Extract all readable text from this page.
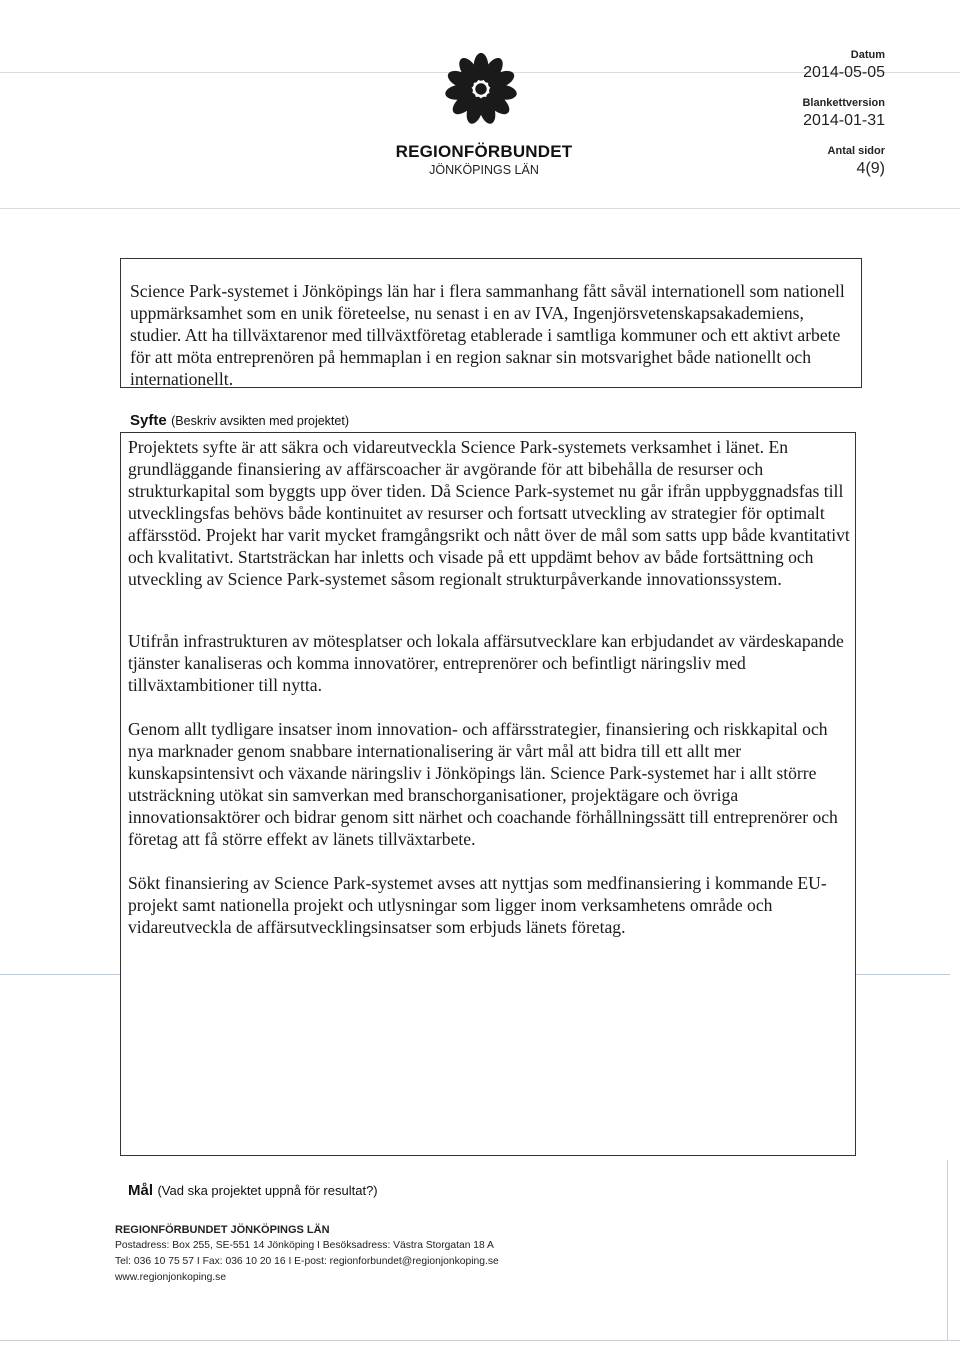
REGIONFÖRBUNDET
JÖNKÖPINGS LÄN
Datum
2014-05-05
Blankettversion
2014-01-31
Antal sidor
4(9)
Science Park-systemet i Jönköpings län har i flera sammanhang fått såväl internationell som nationell uppmärksamhet som en unik företeelse, nu senast i en av IVA, Ingenjörsvetenskapsakademiens, studier. Att ha tillväxtarenor med tillväxtföretag etablerade i samtliga kommuner och ett aktivt arbete för att möta entreprenören på hemmaplan i en region saknar sin motsvarighet både nationellt och internationellt.
Syfte (Beskriv avsikten med projektet)
Projektets syfte är att säkra och vidareutveckla Science Park-systemets verksamhet i länet. En grundläggande finansiering av affärscoacher är avgörande för att bibehålla de resurser och strukturkapital som byggts upp över tiden. Då Science Park-systemet nu går ifrån uppbyggnadsfas till utvecklingsfas behövs både kontinuitet av resurser och fortsatt utveckling av strategier för optimalt affärsstöd. Projekt har varit mycket framgångsrikt och nått över de mål som satts upp både kvantitativt och kvalitativt. Startsträckan har inletts och visade på ett uppdämt behov av både fortsättning och utveckling av Science Park-systemet såsom regionalt strukturpåverkande innovationssystem.
Utifrån infrastrukturen av mötesplatser och lokala affärsutvecklare kan erbjudandet av värdeskapande tjänster kanaliseras och komma innovatörer, entreprenörer och befintligt näringsliv med tillväxtambitioner till nytta.
Genom allt tydligare insatser inom innovation- och affärsstrategier, finansiering och riskkapital och nya marknader genom snabbare internationalisering är vårt mål att bidra till ett allt mer kunskapsintensivt och växande näringsliv i Jönköpings län. Science Park-systemet har i allt större utsträckning utökat sin samverkan med branschorganisationer, projektägare och övriga innovationsaktörer och bidrar genom sitt närhet och coachande förhållningssätt till entreprenörer och företag att få större effekt av länets tillväxtarbete.
Sökt finansiering av Science Park-systemet avses att nyttjas som medfinansiering i kommande EU-projekt samt nationella projekt och utlysningar som ligger inom verksamhetens område och vidareutveckla de affärsutvecklingsinsatser som erbjuds länets företag.
Mål (Vad ska projektet uppnå för resultat?)
REGIONFÖRBUNDET JÖNKÖPINGS LÄN
Postadress: Box 255, SE-551 14 Jönköping I Besöksadress: Västra Storgatan 18 A
Tel: 036 10 75 57 I Fax: 036 10 20 16 I E-post: regionforbundet@regionjonkoping.se
www.regionjonkoping.se
